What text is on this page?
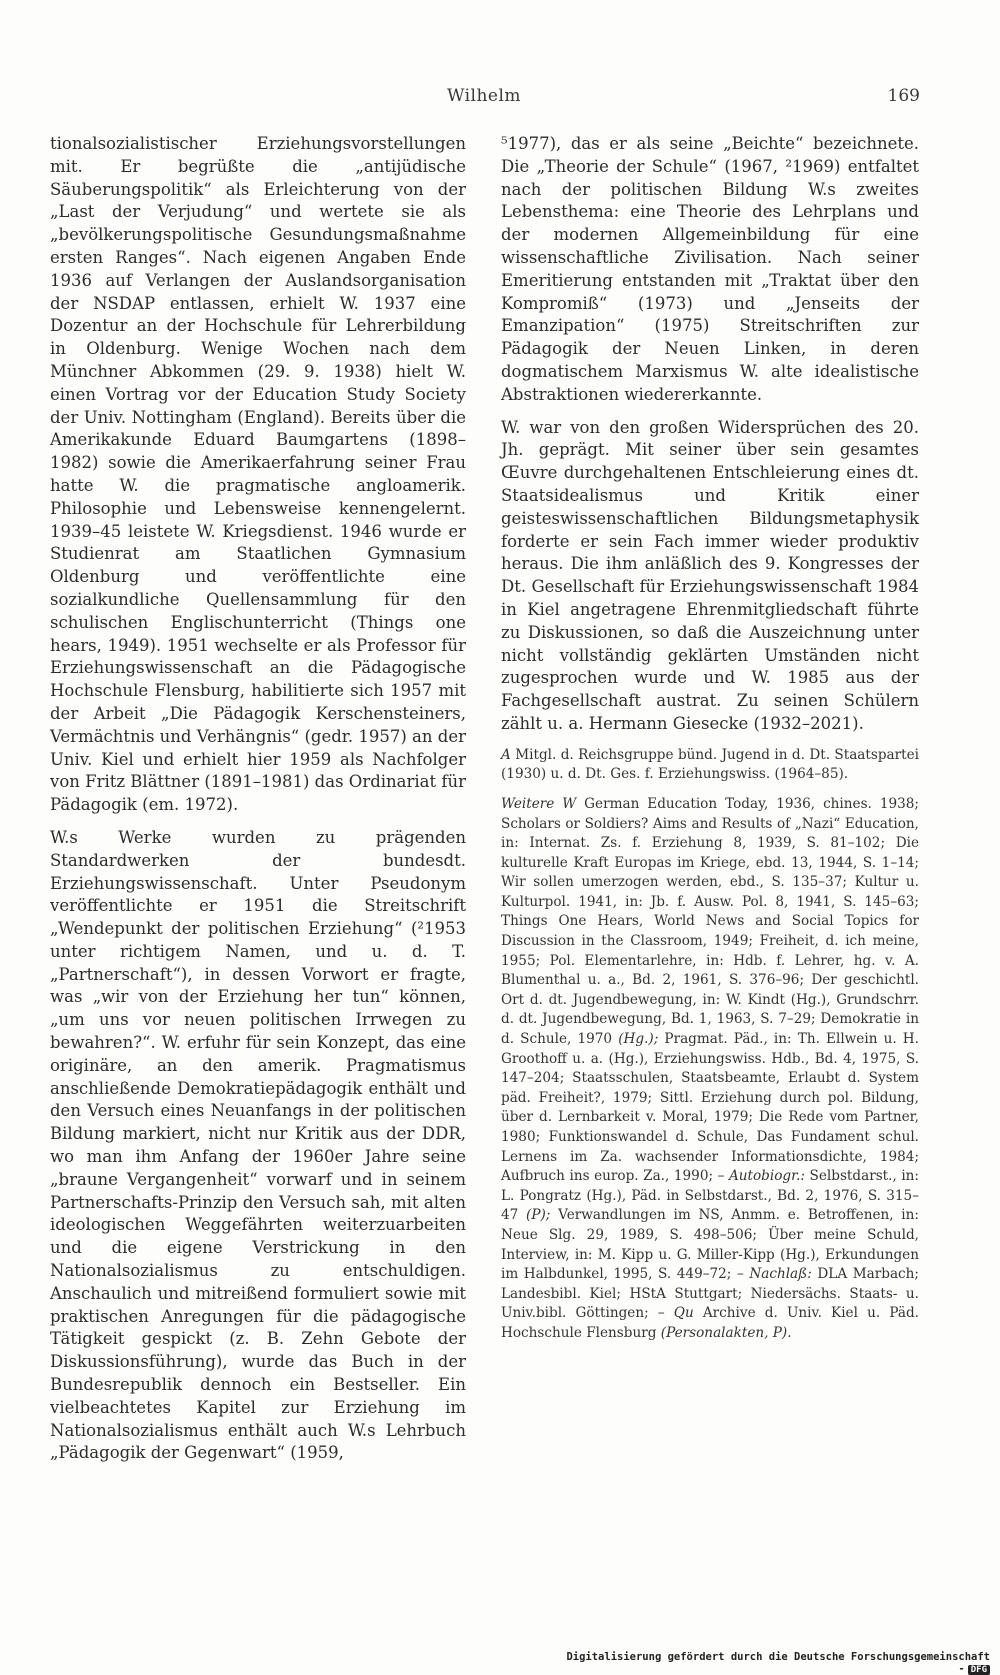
Wilhelm	169

tionalsozialistischer Erziehungsvorstellungen mit. Er begrüßte die „antijüdische Säuberungspolitik“ als Erleichterung von der „Last der Verjudung“ und wertete sie als „bevölkerungspolitische Gesundungsmaßnahme ersten Ranges“. Nach eigenen Angaben Ende 1936 auf Verlangen der Auslandsorganisation der NSDAP entlassen, erhielt W. 1937 eine Dozentur an der Hochschule für Lehrerbildung in Oldenburg. Wenige Wochen nach dem Münchner Abkommen (29. 9. 1938) hielt W. einen Vortrag vor der Education Study Society der Univ. Nottingham (England). Bereits über die Amerikakunde Eduard Baumgartens (1898–1982) sowie die Amerikaerfahrung seiner Frau hatte W. die pragmatische angloamerik. Philosophie und Lebensweise kennengelernt. 1939–45 leistete W. Kriegsdienst. 1946 wurde er Studienrat am Staatlichen Gymnasium Oldenburg und veröffentlichte eine sozialkundliche Quellensammlung für den schulischen Englischunterricht (Things one hears, 1949). 1951 wechselte er als Professor für Erziehungswissenschaft an die Pädagogische Hochschule Flensburg, habilitierte sich 1957 mit der Arbeit „Die Pädagogik Kerschensteiners, Vermächtnis und Verhängnis“ (gedr. 1957) an der Univ. Kiel und erhielt hier 1959 als Nachfolger von Fritz Blättner (1891–1981) das Ordinariat für Pädagogik (em. 1972).

W.s Werke wurden zu prägenden Standardwerken der bundesdt. Erziehungswissenschaft. Unter Pseudonym veröffentlichte er 1951 die Streitschrift „Wendepunkt der politischen Erziehung“ (²1953 unter richtigem Namen, und u. d. T. „Partnerschaft“), in dessen Vorwort er fragte, was „wir von der Erziehung her tun“ können, „um uns vor neuen politischen Irrwegen zu bewahren?“. W. erfuhr für sein Konzept, das eine originäre, an den amerik. Pragmatismus anschließende Demokratiepädagogik enthält und den Versuch eines Neuanfangs in der politischen Bildung markiert, nicht nur Kritik aus der DDR, wo man ihm Anfang der 1960er Jahre seine „braune Vergangenheit“ vorwarf und in seinem Partnerschafts-Prinzip den Versuch sah, mit alten ideologischen Weggefährten weiterzuarbeiten und die eigene Verstrickung in den Nationalsozialismus zu entschuldigen. Anschaulich und mitreißend formuliert sowie mit praktischen Anregungen für die pädagogische Tätigkeit gespickt (z. B. Zehn Gebote der Diskussionsführung), wurde das Buch in der Bundesrepublik dennoch ein Bestseller. Ein vielbeachtetes Kapitel zur Erziehung im Nationalsozialismus enthält auch W.s Lehrbuch „Pädagogik der Gegenwart“ (1959,

⁵1977), das er als seine „Beichte“ bezeichnete. Die „Theorie der Schule“ (1967, ²1969) entfaltet nach der politischen Bildung W.s zweites Lebensthema: eine Theorie des Lehrplans und der modernen Allgemeinbildung für eine wissenschaftliche Zivilisation. Nach seiner Emeritierung entstanden mit „Traktat über den Kompromiß“ (1973) und „Jenseits der Emanzipation“ (1975) Streitschriften zur Pädagogik der Neuen Linken, in deren dogmatischem Marxismus W. alte idealistische Abstraktionen wiedererkannte.

W. war von den großen Widersprüchen des 20. Jh. geprägt. Mit seiner über sein gesamtes Œuvre durchgehaltenen Entschleierung eines dt. Staatsidealismus und Kritik einer geisteswissenschaftlichen Bildungsmetaphysik forderte er sein Fach immer wieder produktiv heraus. Die ihm anläßlich des 9. Kongresses der Dt. Gesellschaft für Erziehungswissenschaft 1984 in Kiel angetragene Ehrenmitgliedschaft führte zu Diskussionen, so daß die Auszeichnung unter nicht vollständig geklärten Umständen nicht zugesprochen wurde und W. 1985 aus der Fachgesellschaft austrat. Zu seinen Schülern zählt u. a. Hermann Giesecke (1932–2021).

A Mitgl. d. Reichsgruppe bünd. Jugend in d. Dt. Staatspartei (1930) u. d. Dt. Ges. f. Erziehungswiss. (1964–85).

Weitere W German Education Today, 1936, chines. 1938; Scholars or Soldiers? Aims and Results of „Nazi“ Education, in: Internat. Zs. f. Erziehung 8, 1939, S. 81–102; Die kulturelle Kraft Europas im Kriege, ebd. 13, 1944, S. 1–14; Wir sollen umerzogen werden, ebd., S. 135–37; Kultur u. Kulturpol. 1941, in: Jb. f. Ausw. Pol. 8, 1941, S. 145–63; Things One Hears, World News and Social Topics for Discussion in the Classroom, 1949; Freiheit, d. ich meine, 1955; Pol. Elementarlehre, in: Hdb. f. Lehrer, hg. v. A. Blumenthal u. a., Bd. 2, 1961, S. 376–96; Der geschichtl. Ort d. dt. Jugendbewegung, in: W. Kindt (Hg.), Grundschrr. d. dt. Jugendbewegung, Bd. 1, 1963, S. 7–29; Demokratie in d. Schule, 1970 (Hg.); Pragmat. Päd., in: Th. Ellwein u. H. Groothoff u. a. (Hg.), Erziehungswiss. Hdb., Bd. 4, 1975, S. 147–204; Staatsschulen, Staatsbeamte, Erlaubt d. System päd. Freiheit?, 1979; Sittl. Erziehung durch pol. Bildung, über d. Lernbarkeit v. Moral, 1979; Die Rede vom Partner, 1980; Funktionswandel d. Schule, Das Fundament schul. Lernens im Za. wachsender Informationsdichte, 1984; Aufbruch ins europ. Za., 1990; – Autobiogr.: Selbstdarst., in: L. Pongratz (Hg.), Päd. in Selbstdarst., Bd. 2, 1976, S. 315–47 (P); Verwandlungen im NS, Anmm. e. Betroffenen, in: Neue Slg. 29, 1989, S. 498–506; Über meine Schuld, Interview, in: M. Kipp u. G. Miller-Kipp (Hg.), Erkundungen im Halbdunkel, 1995, S. 449–72; – Nachlaß: DLA Marbach; Landesbibl. Kiel; HStA Stuttgart; Niedersächs. Staats- u. Univ.bibl. Göttingen; – Qu Archive d. Univ. Kiel u. Päd. Hochschule Flensburg (Personalakten, P).

Digitalisierung gefördert durch die Deutsche Forschungsgemeinschaft - DFG
